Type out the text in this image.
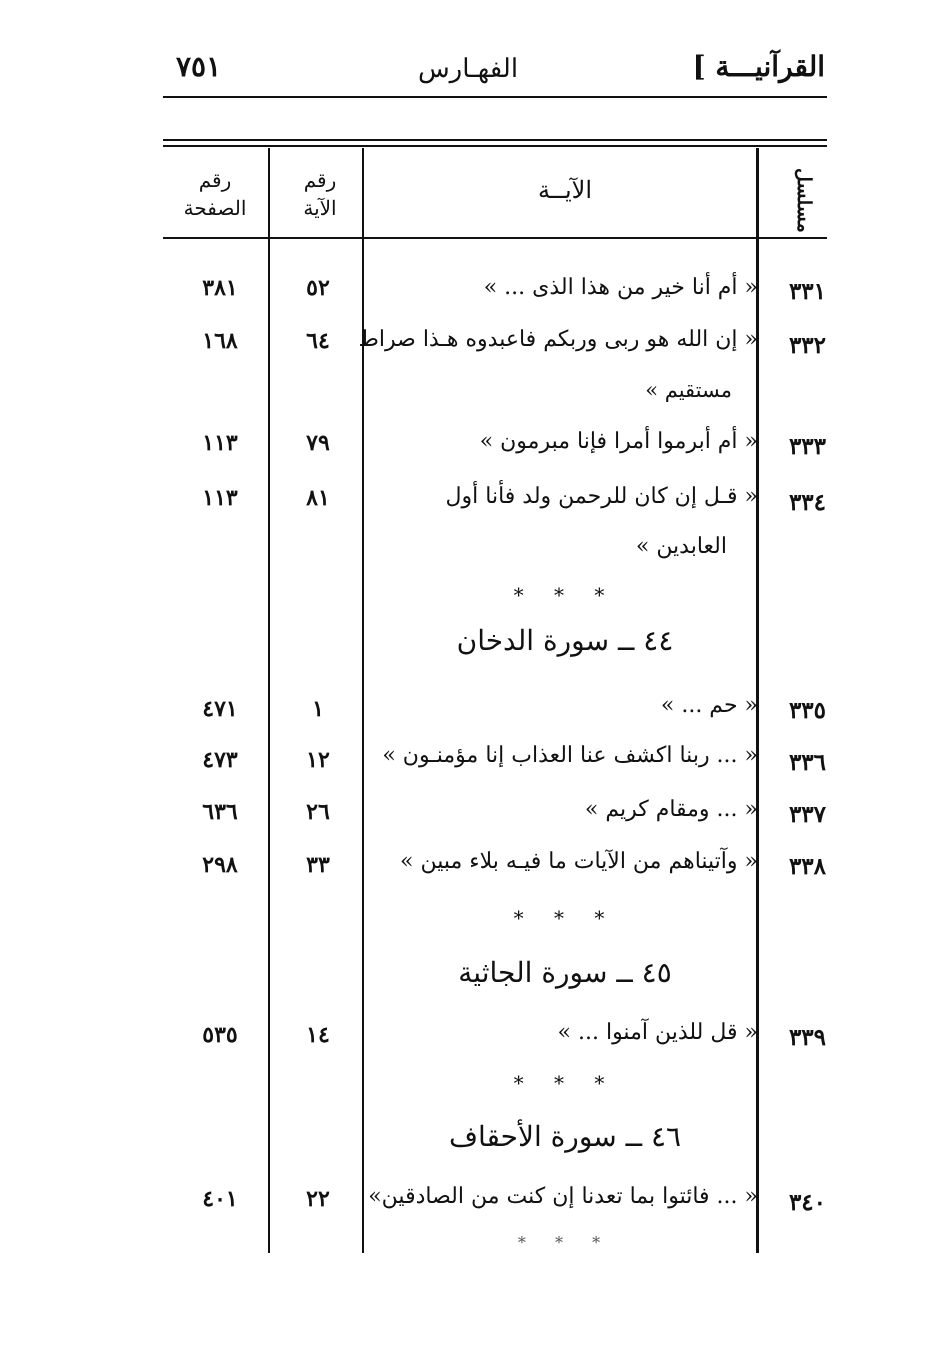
٧٥١	الفهـارس	القرآنيـــة ]
مسلسل
الآيــة
رقم الآية
رقم الصفحة
٣٣١
« أم أنا خير من هذا الذى ... »
٥٢
٣٨١
٣٣٢
« إن الله هو ربى وربكم فاعبدوه هـذا صراط
مستقيم »
٦٤
١٦٨
٣٣٣
« أم أبرموا أمرا فإنا مبرمون »
٧٩
١١٣
٣٣٤
« قـل إن كان للرحمن ولد فأنا أول
العابدين »
٨١
١١٣
* * *
٤٤ ــ سورة الدخان
٣٣٥
« حم ... »
١
٤٧١
٣٣٦
« ... ربنا اكشف عنا العذاب إنا مؤمنـون »
١٢
٤٧٣
٣٣٧
« ... ومقام كريم »
٢٦
٦٣٦
٣٣٨
« وآتيناهم من الآيات ما فيـه بلاء مبين »
٣٣
٢٩٨
* * *
٤٥ ــ سورة الجاثية
٣٣٩
« قل للذين آمنوا ... »
١٤
٥٣٥
* * *
٤٦ ــ سورة الأحقاف
٣٤٠
« ... فائتوا بما تعدنا إن كنت من الصادقين»
٢٢
٤٠١
* * *
